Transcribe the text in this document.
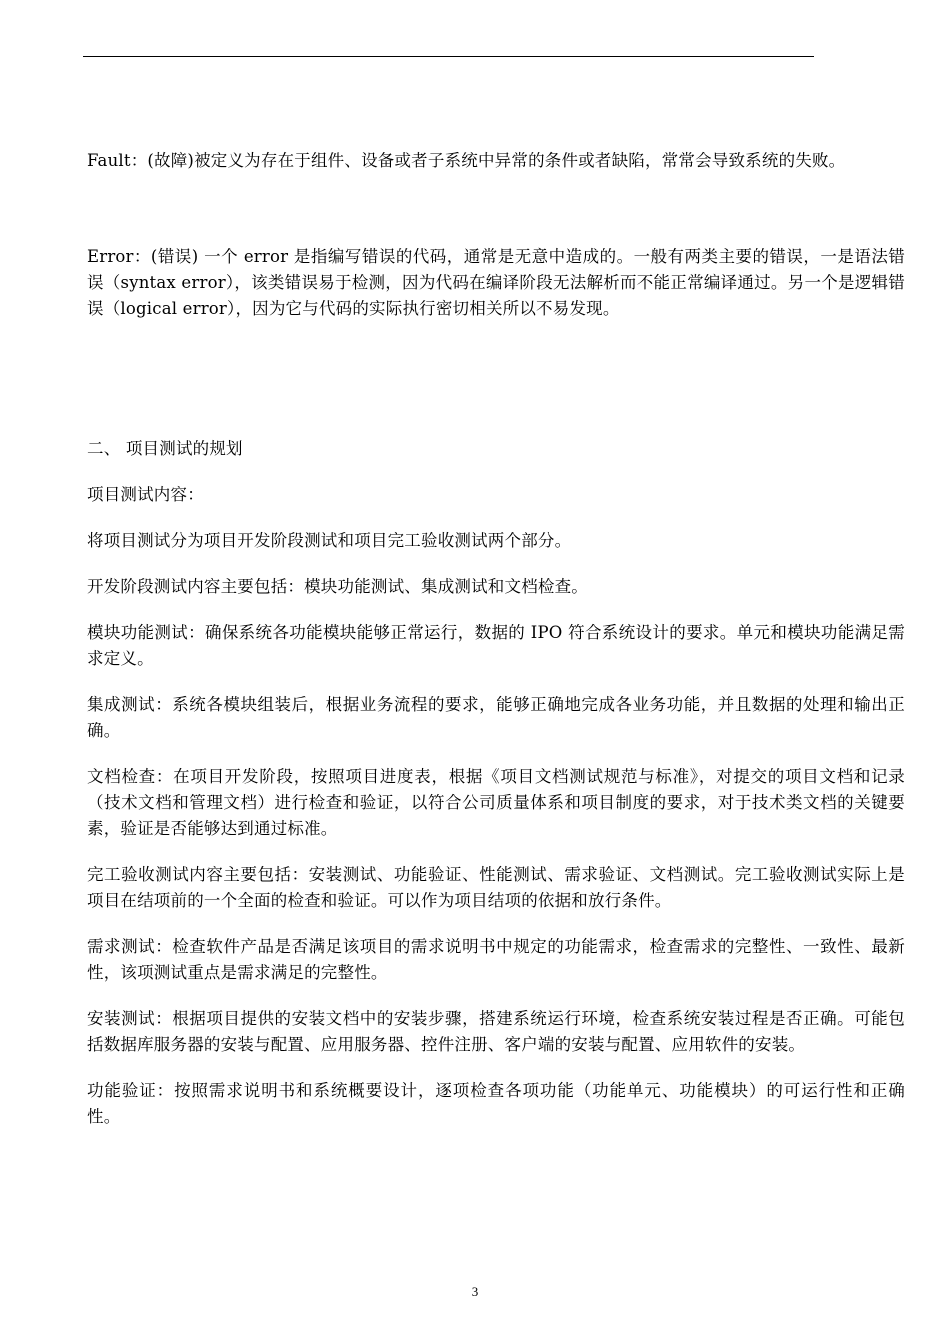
Fault：(故障)被定义为存在于组件、设备或者子系统中异常的条件或者缺陷，常常会导致系统的失败。

Error：(错误) 一个 error 是指编写错误的代码，通常是无意中造成的。一般有两类主要的错误，一是语法错误（syntax error），该类错误易于检测，因为代码在编译阶段无法解析而不能正常编译通过。另一个是逻辑错误（logical error），因为它与代码的实际执行密切相关所以不易发现。

二、 项目测试的规划

项目测试内容：

将项目测试分为项目开发阶段测试和项目完工验收测试两个部分。

开发阶段测试内容主要包括：模块功能测试、集成测试和文档检查。

模块功能测试：确保系统各功能模块能够正常运行，数据的 IPO 符合系统设计的要求。单元和模块功能满足需求定义。

集成测试：系统各模块组装后，根据业务流程的要求，能够正确地完成各业务功能，并且数据的处理和输出正确。

文档检查：在项目开发阶段，按照项目进度表，根据《项目文档测试规范与标准》，对提交的项目文档和记录（技术文档和管理文档）进行检查和验证，以符合公司质量体系和项目制度的要求，对于技术类文档的关键要素，验证是否能够达到通过标准。

完工验收测试内容主要包括：安装测试、功能验证、性能测试、需求验证、文档测试。完工验收测试实际上是项目在结项前的一个全面的检查和验证。可以作为项目结项的依据和放行条件。

需求测试：检查软件产品是否满足该项目的需求说明书中规定的功能需求，检查需求的完整性、一致性、最新性，该项测试重点是需求满足的完整性。

安装测试：根据项目提供的安装文档中的安装步骤，搭建系统运行环境，检查系统安装过程是否正确。可能包括数据库服务器的安装与配置、应用服务器、控件注册、客户端的安装与配置、应用软件的安装。

功能验证：按照需求说明书和系统概要设计，逐项检查各项功能（功能单元、功能模块）的可运行性和正确性。

3
